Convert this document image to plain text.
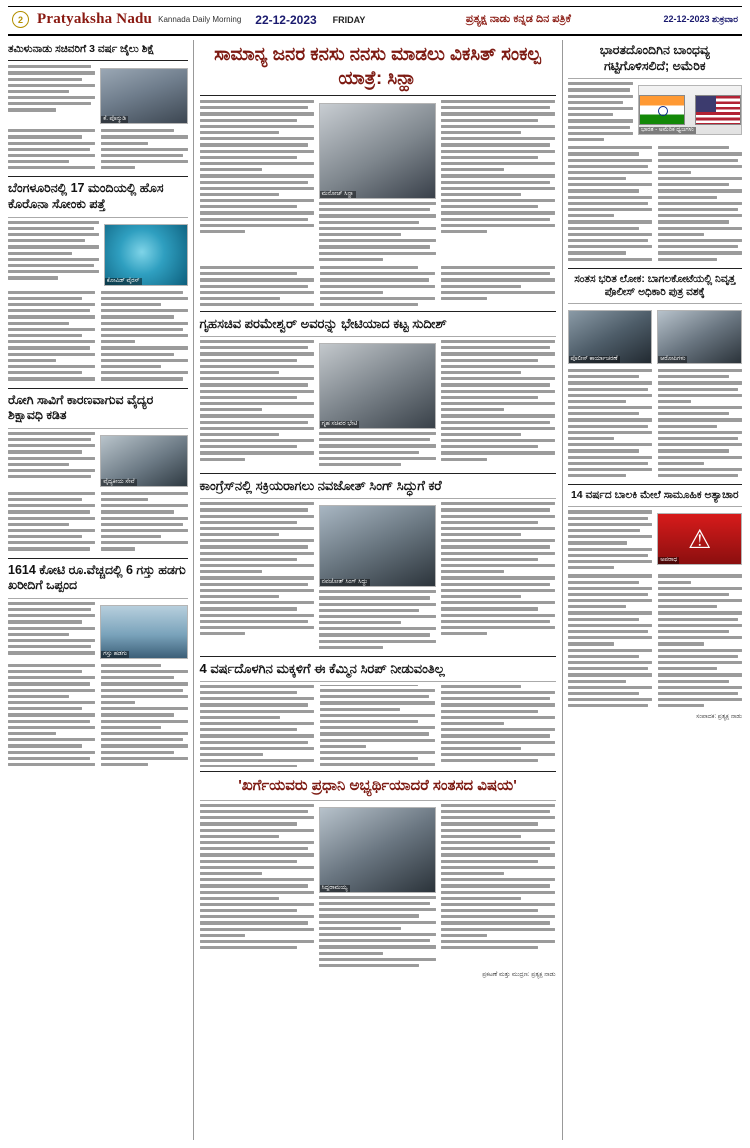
2 Pratyaksha Nadu Kannada Daily Morning 22-12-2023 FRIDAY	ಪ್ರತ್ಯಕ್ಷ ನಾಡು ಕನ್ನಡ ದಿನ ಪತ್ರಿಕೆ	22-12-2023 ಶುಕ್ರವಾರ
ತಮಿಳುನಾಡು ಸಚಿವರಿಗೆ 3 ವರ್ಷ ಜೈಲು ಶಿಕ್ಷೆ
ಕೆ. ಪೊನ್ಮುಡಿ
ಬೆಂಗಳೂರಿನಲ್ಲಿ 17 ಮಂದಿಯಲ್ಲಿ ಹೊಸ ಕೊರೊನಾ ಸೋಂಕು ಪತ್ತೆ
ಕೋವಿಡ್ ವೈರಸ್
ರೋಗಿ ಸಾವಿಗೆ ಕಾರಣವಾಗುವ ವೈದ್ಯರ ಶಿಕ್ಷಾವಧಿ ಕಡಿತ
ವೈದ್ಯಕೀಯ ಸೇವೆ
1614 ಕೋಟಿ ರೂ.ವೆಚ್ಚದಲ್ಲಿ 6 ಗಸ್ತು ಹಡಗು ಖರೀದಿಗೆ ಒಪ್ಪಂದ
ಗಸ್ತು ಹಡಗು
ಸಾಮಾನ್ಯ ಜನರ ಕನಸು ನನಸು ಮಾಡಲು ವಿಕಸಿತ್ ಸಂಕಲ್ಪ ಯಾತ್ರೆ: ಸಿನ್ಹಾ
ಮನೋಜ್ ಸಿನ್ಹಾ
ಗೃಹಸಚಿವ ಪರಮೇಶ್ವರ್ ಅವರನ್ನು ಭೇಟಿಯಾದ ಕಟ್ಟ ಸುದೀಶ್
ಗೃಹ ಸಚಿವರ ಭೇಟಿ
ಕಾಂಗ್ರೆಸ್‌ನಲ್ಲಿ ಸಕ್ರಿಯರಾಗಲು ನವಜೋತ್ ಸಿಂಗ್ ಸಿದ್ಧುಗೆ ಕರೆ
ನವಜೋತ್ ಸಿಂಗ್ ಸಿದ್ಧು
4 ವರ್ಷದೊಳಗಿನ ಮಕ್ಕಳಿಗೆ ಈ ಕೆಮ್ಮಿನ ಸಿರಪ್ ನೀಡುವಂತಿಲ್ಲ
'ಖರ್ಗೆಯವರು ಪ್ರಧಾನಿ ಅಭ್ಯರ್ಥಿಯಾದರೆ ಸಂತಸದ ವಿಷಯ'
ಸಿದ್ದರಾಮಯ್ಯ
ಪ್ರಕಟಣೆ ಮತ್ತು ಮುದ್ರಣ: ಪ್ರತ್ಯಕ್ಷ ನಾಡು
ಭಾರತದೊಂದಿಗಿನ ಬಾಂಧವ್ಯ ಗಟ್ಟಿಗೊಳಿಸಲಿದೆ; ಅಮೆರಿಕ
ಭಾರತ - ಅಮೆರಿಕ ಧ್ವಜಗಳು
ಸಂತಸ ಭರಿತ ಲೋಕ: ಬಾಗಲಕೋಟೆಯಲ್ಲಿ ನಿವೃತ್ತ ಪೊಲೀಸ್ ಅಧಿಕಾರಿ ಪುತ್ರ ವಶಕ್ಕೆ
ಪೊಲೀಸ್ ಕಾರ್ಯಾಚರಣೆ	ಆರೋಪಿಗಳು
14 ವರ್ಷದ ಬಾಲಕಿ ಮೇಲೆ ಸಾಮೂಹಿಕ ಅತ್ಯಾಚಾರ
⚠
ಅಪರಾಧ
ಸಂಪಾದಕ: ಪ್ರತ್ಯಕ್ಷ ನಾಡು
